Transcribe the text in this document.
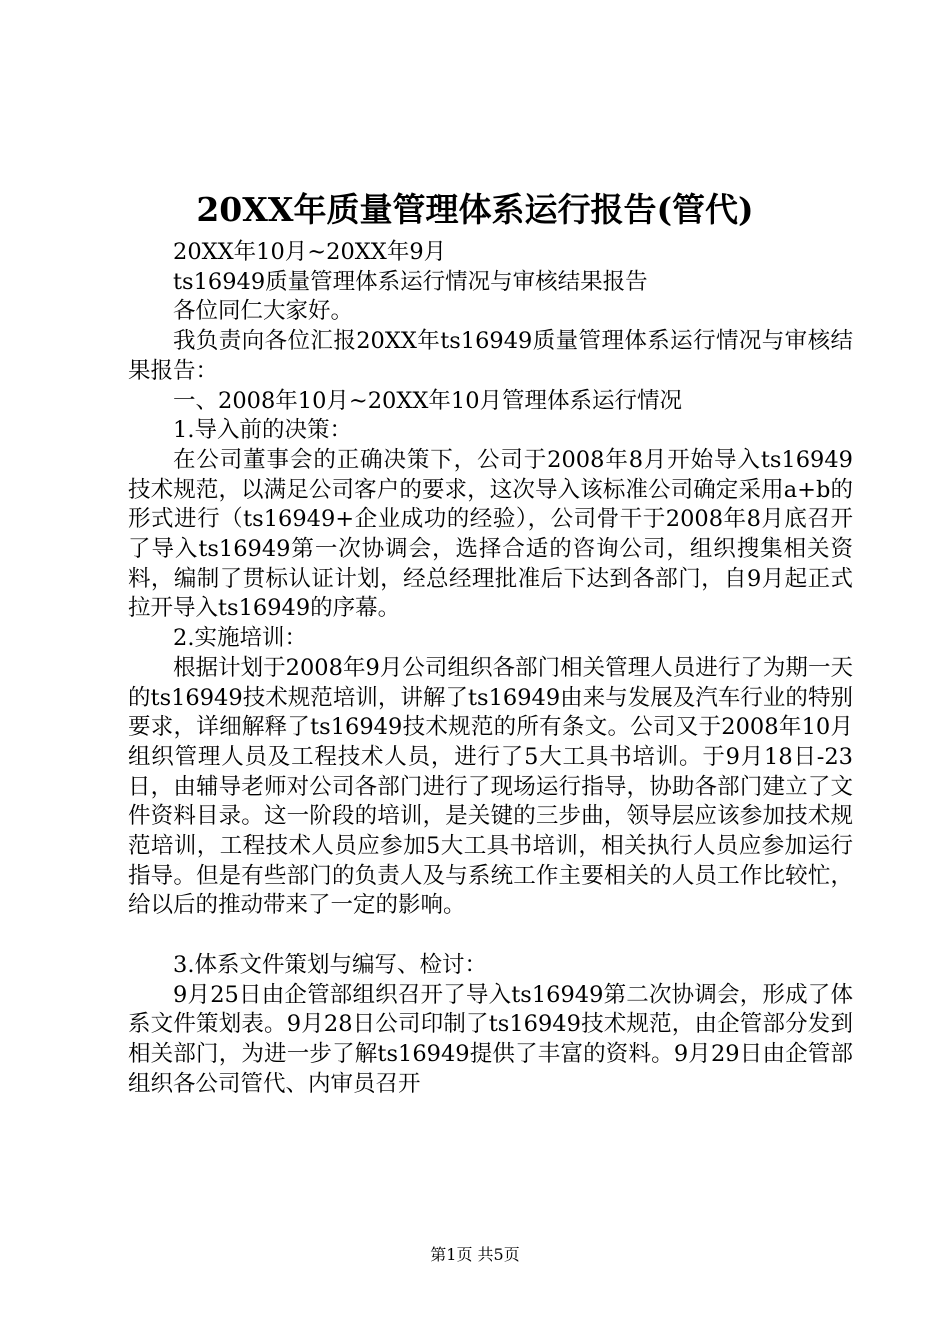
20XX年质量管理体系运行报告(管代)

20XX年10月~20XX年9月

ts16949质量管理体系运行情况与审核结果报告

各位同仁大家好。

我负责向各位汇报20XX年ts16949质量管理体系运行情况与审核结果报告：

一、2008年10月~20XX年10月管理体系运行情况

1.导入前的决策：

在公司董事会的正确决策下，公司于2008年8月开始导入ts16949技术规范，以满足公司客户的要求，这次导入该标准公司确定采用a+b的形式进行（ts16949+企业成功的经验），公司骨干于2008年8月底召开了导入ts16949第一次协调会，选择合适的咨询公司，组织搜集相关资料，编制了贯标认证计划，经总经理批准后下达到各部门，自9月起正式拉开导入ts16949的序幕。

2.实施培训：

根据计划于2008年9月公司组织各部门相关管理人员进行了为期一天的ts16949技术规范培训，讲解了ts16949由来与发展及汽车行业的特别要求，详细解释了ts16949技术规范的所有条文。公司又于2008年10月组织管理人员及工程技术人员，进行了5大工具书培训。于9月18日-23日，由辅导老师对公司各部门进行了现场运行指导，协助各部门建立了文件资料目录。这一阶段的培训，是关键的三步曲，领导层应该参加技术规范培训，工程技术人员应参加5大工具书培训，相关执行人员应参加运行指导。但是有些部门的负责人及与系统工作主要相关的人员工作比较忙，给以后的推动带来了一定的影响。

3.体系文件策划与编写、检讨：

9月25日由企管部组织召开了导入ts16949第二次协调会，形成了体系文件策划表。9月28日公司印制了ts16949技术规范，由企管部分发到相关部门，为进一步了解ts16949提供了丰富的资料。9月29日由企管部组织各公司管代、内审员召开

第1页 共5页
